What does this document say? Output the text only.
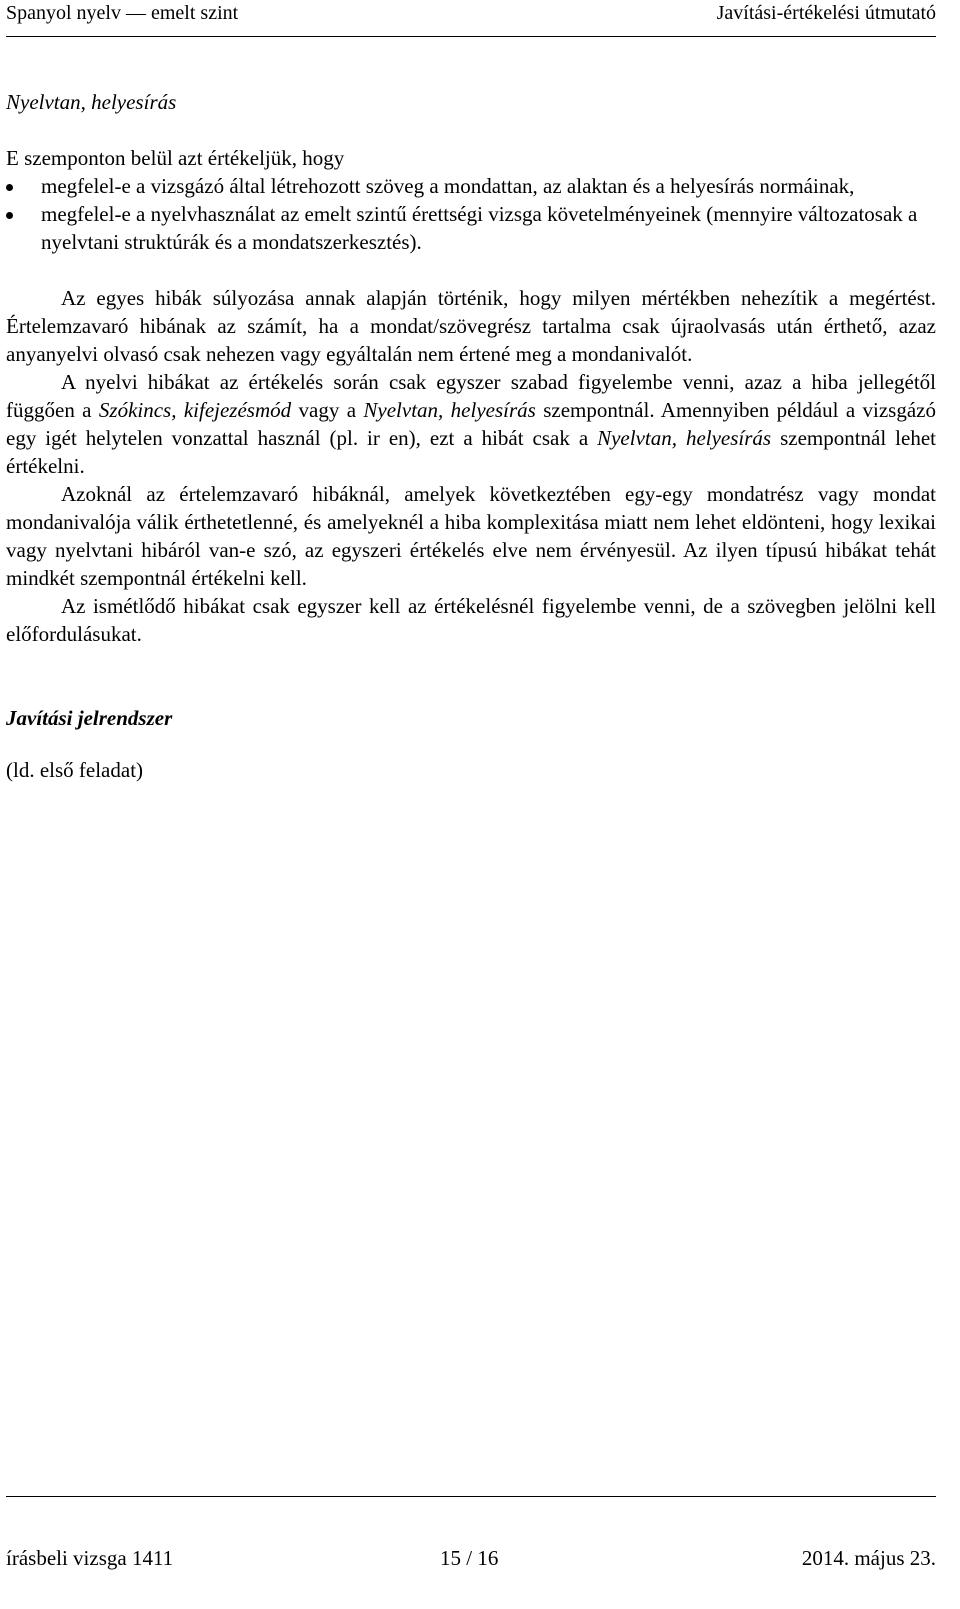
Spanyol nyelv — emelt szint	Javítási-értékelési útmutató

Nyelvtan, helyesírás

E szemponton belül azt értékeljük, hogy

megfelel-e a vizsgázó által létrehozott szöveg a mondattan, az alaktan és a helyesírás normáinak,
megfelel-e a nyelvhasználat az emelt szintű érettségi vizsga követelményeinek (mennyire változatosak a nyelvtani struktúrák és a mondatszerkesztés).

Az egyes hibák súlyozása annak alapján történik, hogy milyen mértékben nehezítik a megértést. Értelemzavaró hibának az számít, ha a mondat/szövegrész tartalma csak újraolvasás után érthető, azaz anyanyelvi olvasó csak nehezen vagy egyáltalán nem értené meg a mondanivalót.

A nyelvi hibákat az értékelés során csak egyszer szabad figyelembe venni, azaz a hiba jellegétől függően a Szókincs, kifejezésmód vagy a Nyelvtan, helyesírás szempontnál. Amennyiben például a vizsgázó egy igét helytelen vonzattal használ (pl. ir en), ezt a hibát csak a Nyelvtan, helyesírás szempontnál lehet értékelni.

Azoknál az értelemzavaró hibáknál, amelyek következtében egy-egy mondatrész vagy mondat mondanivalója válik érthetetlenné, és amelyeknél a hiba komplexitása miatt nem lehet eldönteni, hogy lexikai vagy nyelvtani hibáról van-e szó, az egyszeri értékelés elve nem érvényesül. Az ilyen típusú hibákat tehát mindkét szempontnál értékelni kell.

Az ismétlődő hibákat csak egyszer kell az értékelésnél figyelembe venni, de a szövegben jelölni kell előfordulásukat.

Javítási jelrendszer

(ld. első feladat)

írásbeli vizsga 1411	15 / 16	2014. május 23.
